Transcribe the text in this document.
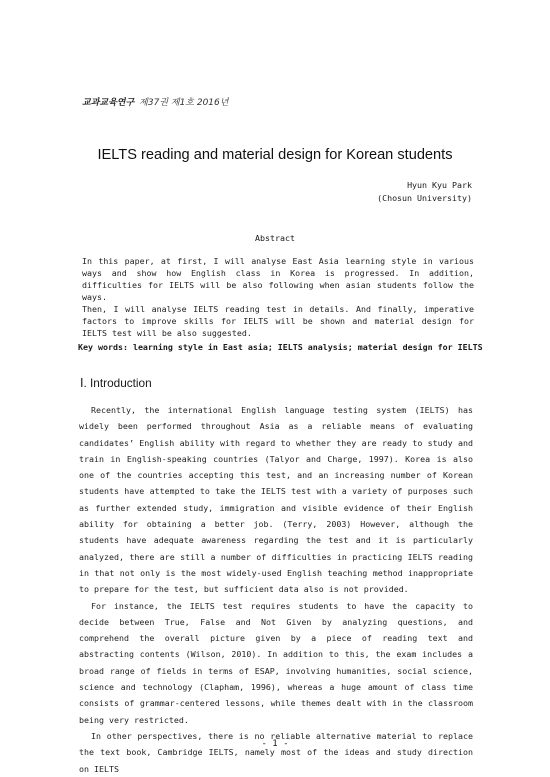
교과교육연구 제37권 제1호 2016년
IELTS reading and material design for Korean students
Hyun Kyu Park
(Chosun University)
Abstract

In this paper, at first, I will analyse East Asia learning style in various ways and show how English class in Korea is progressed. In addition, difficulties for IELTS will be also following when asian students follow the ways.

Then, I will analyse IELTS reading test in details. And finally, imperative factors to improve skills for IELTS will be shown and material design for IELTS test will be also suggested.

Key words: learning style in East asia; IELTS analysis; material design for IELTS
Ⅰ. Introduction

Recently, the international English language testing system (IELTS) has widely been performed throughout Asia as a reliable means of evaluating candidates’ English ability with regard to whether they are ready to study and train in English-speaking countries (Talyor and Charge, 1997). Korea is also one of the countries accepting this test, and an increasing number of Korean students have attempted to take the IELTS test with a variety of purposes such as further extended study, immigration and visible evidence of their English ability for obtaining a better job. (Terry, 2003) However, although the students have adequate awareness regarding the test and it is particularly analyzed, there are still a number of difficulties in practicing IELTS reading in that not only is the most widely-used English teaching method inappropriate to prepare for the test, but sufficient data also is not provided.

For instance, the IELTS test requires students to have the capacity to decide between True, False and Not Given by analyzing questions, and comprehend the overall picture given by a piece of reading text and abstracting contents (Wilson, 2010). In addition to this, the exam includes a broad range of fields in terms of ESAP, involving humanities, social science, science and technology (Clapham, 1996), whereas a huge amount of class time consists of grammar-centered lessons, while themes dealt with in the classroom being very restricted.

In other perspectives, there is no reliable alternative material to replace the text book, Cambridge IELTS, namely most of the ideas and study direction on IELTS

- 1 -
